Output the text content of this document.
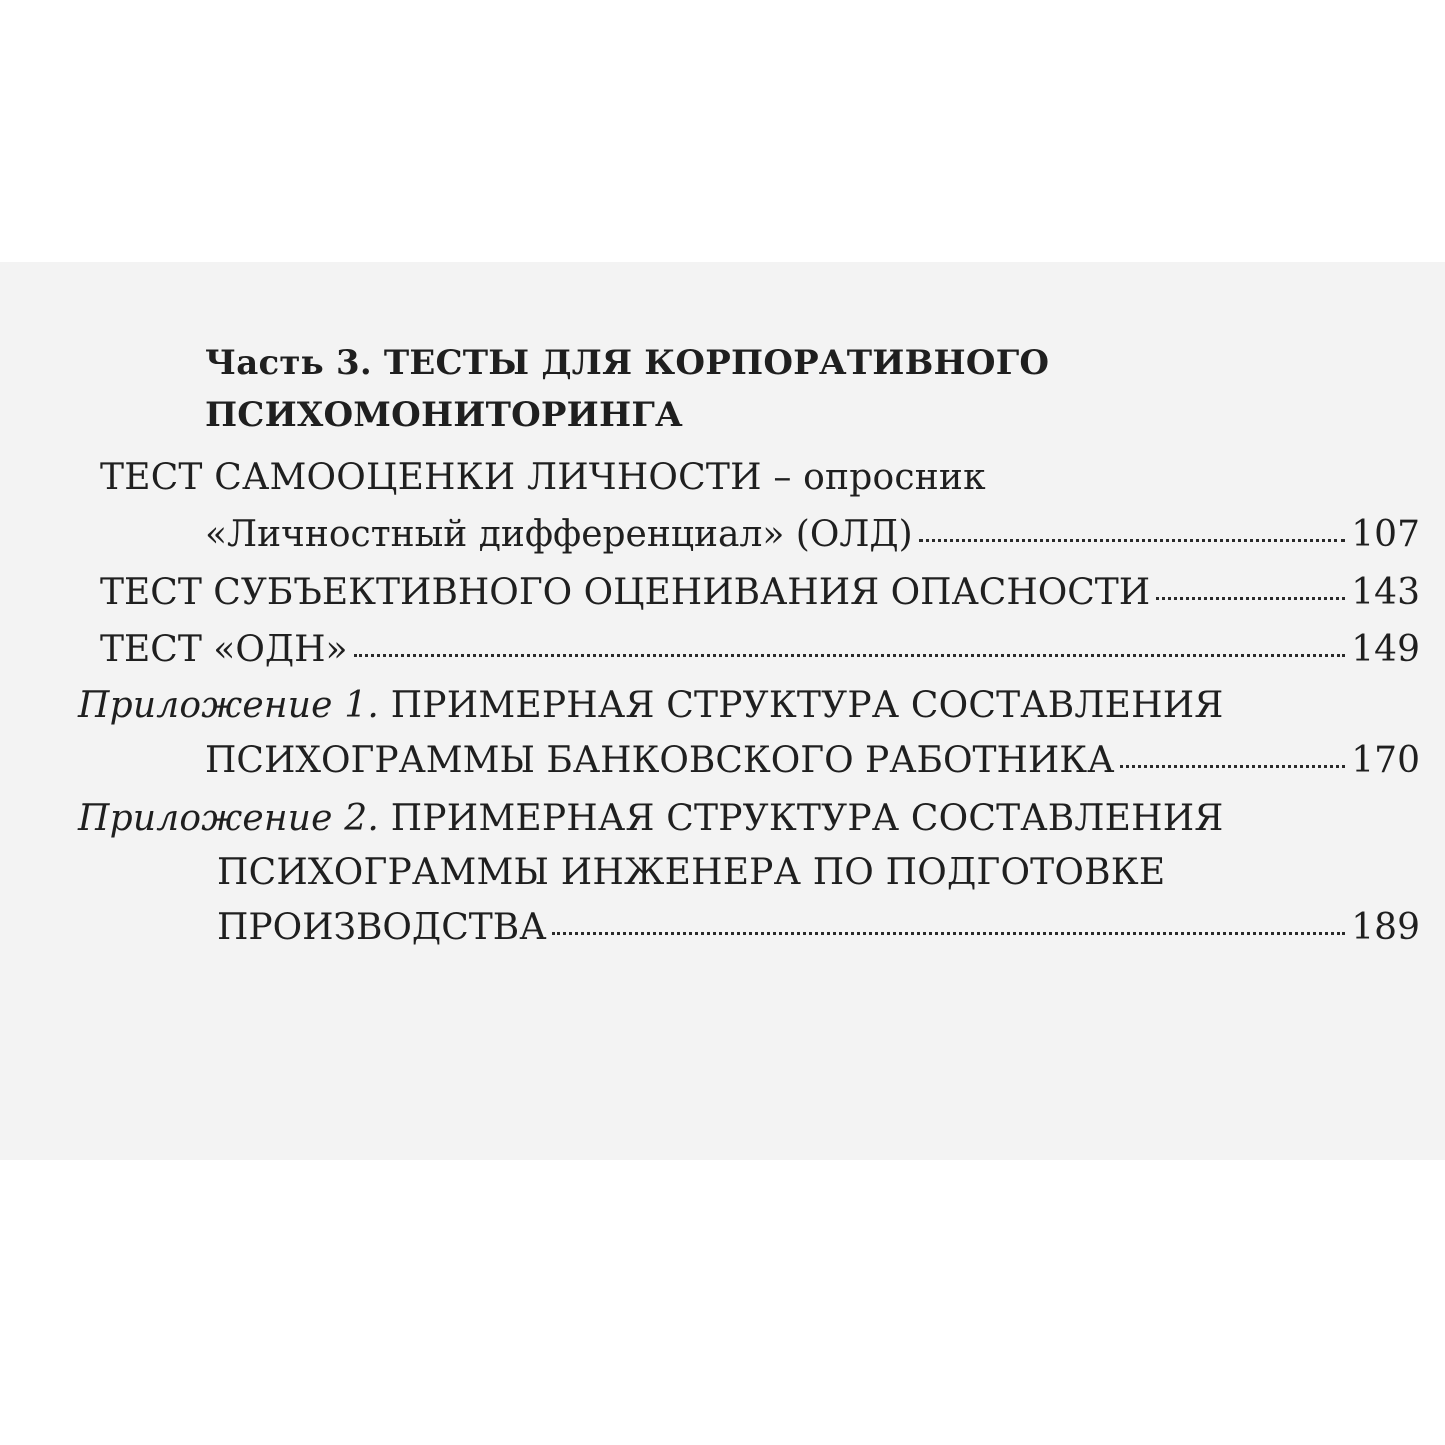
Часть 3. ТЕСТЫ ДЛЯ КОРПОРАТИВНОГО
ПСИХОМОНИТОРИНГА
ТЕСТ САМООЦЕНКИ ЛИЧНОСТИ – опросник
«Личностный дифференциал» (ОЛД)	107
ТЕСТ СУБЪЕКТИВНОГО ОЦЕНИВАНИЯ ОПАСНОСТИ	143
ТЕСТ «ОДН»	149
Приложение 1. ПРИМЕРНАЯ СТРУКТУРА СОСТАВЛЕНИЯ
ПСИХОГРАММЫ БАНКОВСКОГО РАБОТНИКА	170
Приложение 2. ПРИМЕРНАЯ СТРУКТУРА СОСТАВЛЕНИЯ
ПСИХОГРАММЫ ИНЖЕНЕРА ПО ПОДГОТОВКЕ
ПРОИЗВОДСТВА	189
